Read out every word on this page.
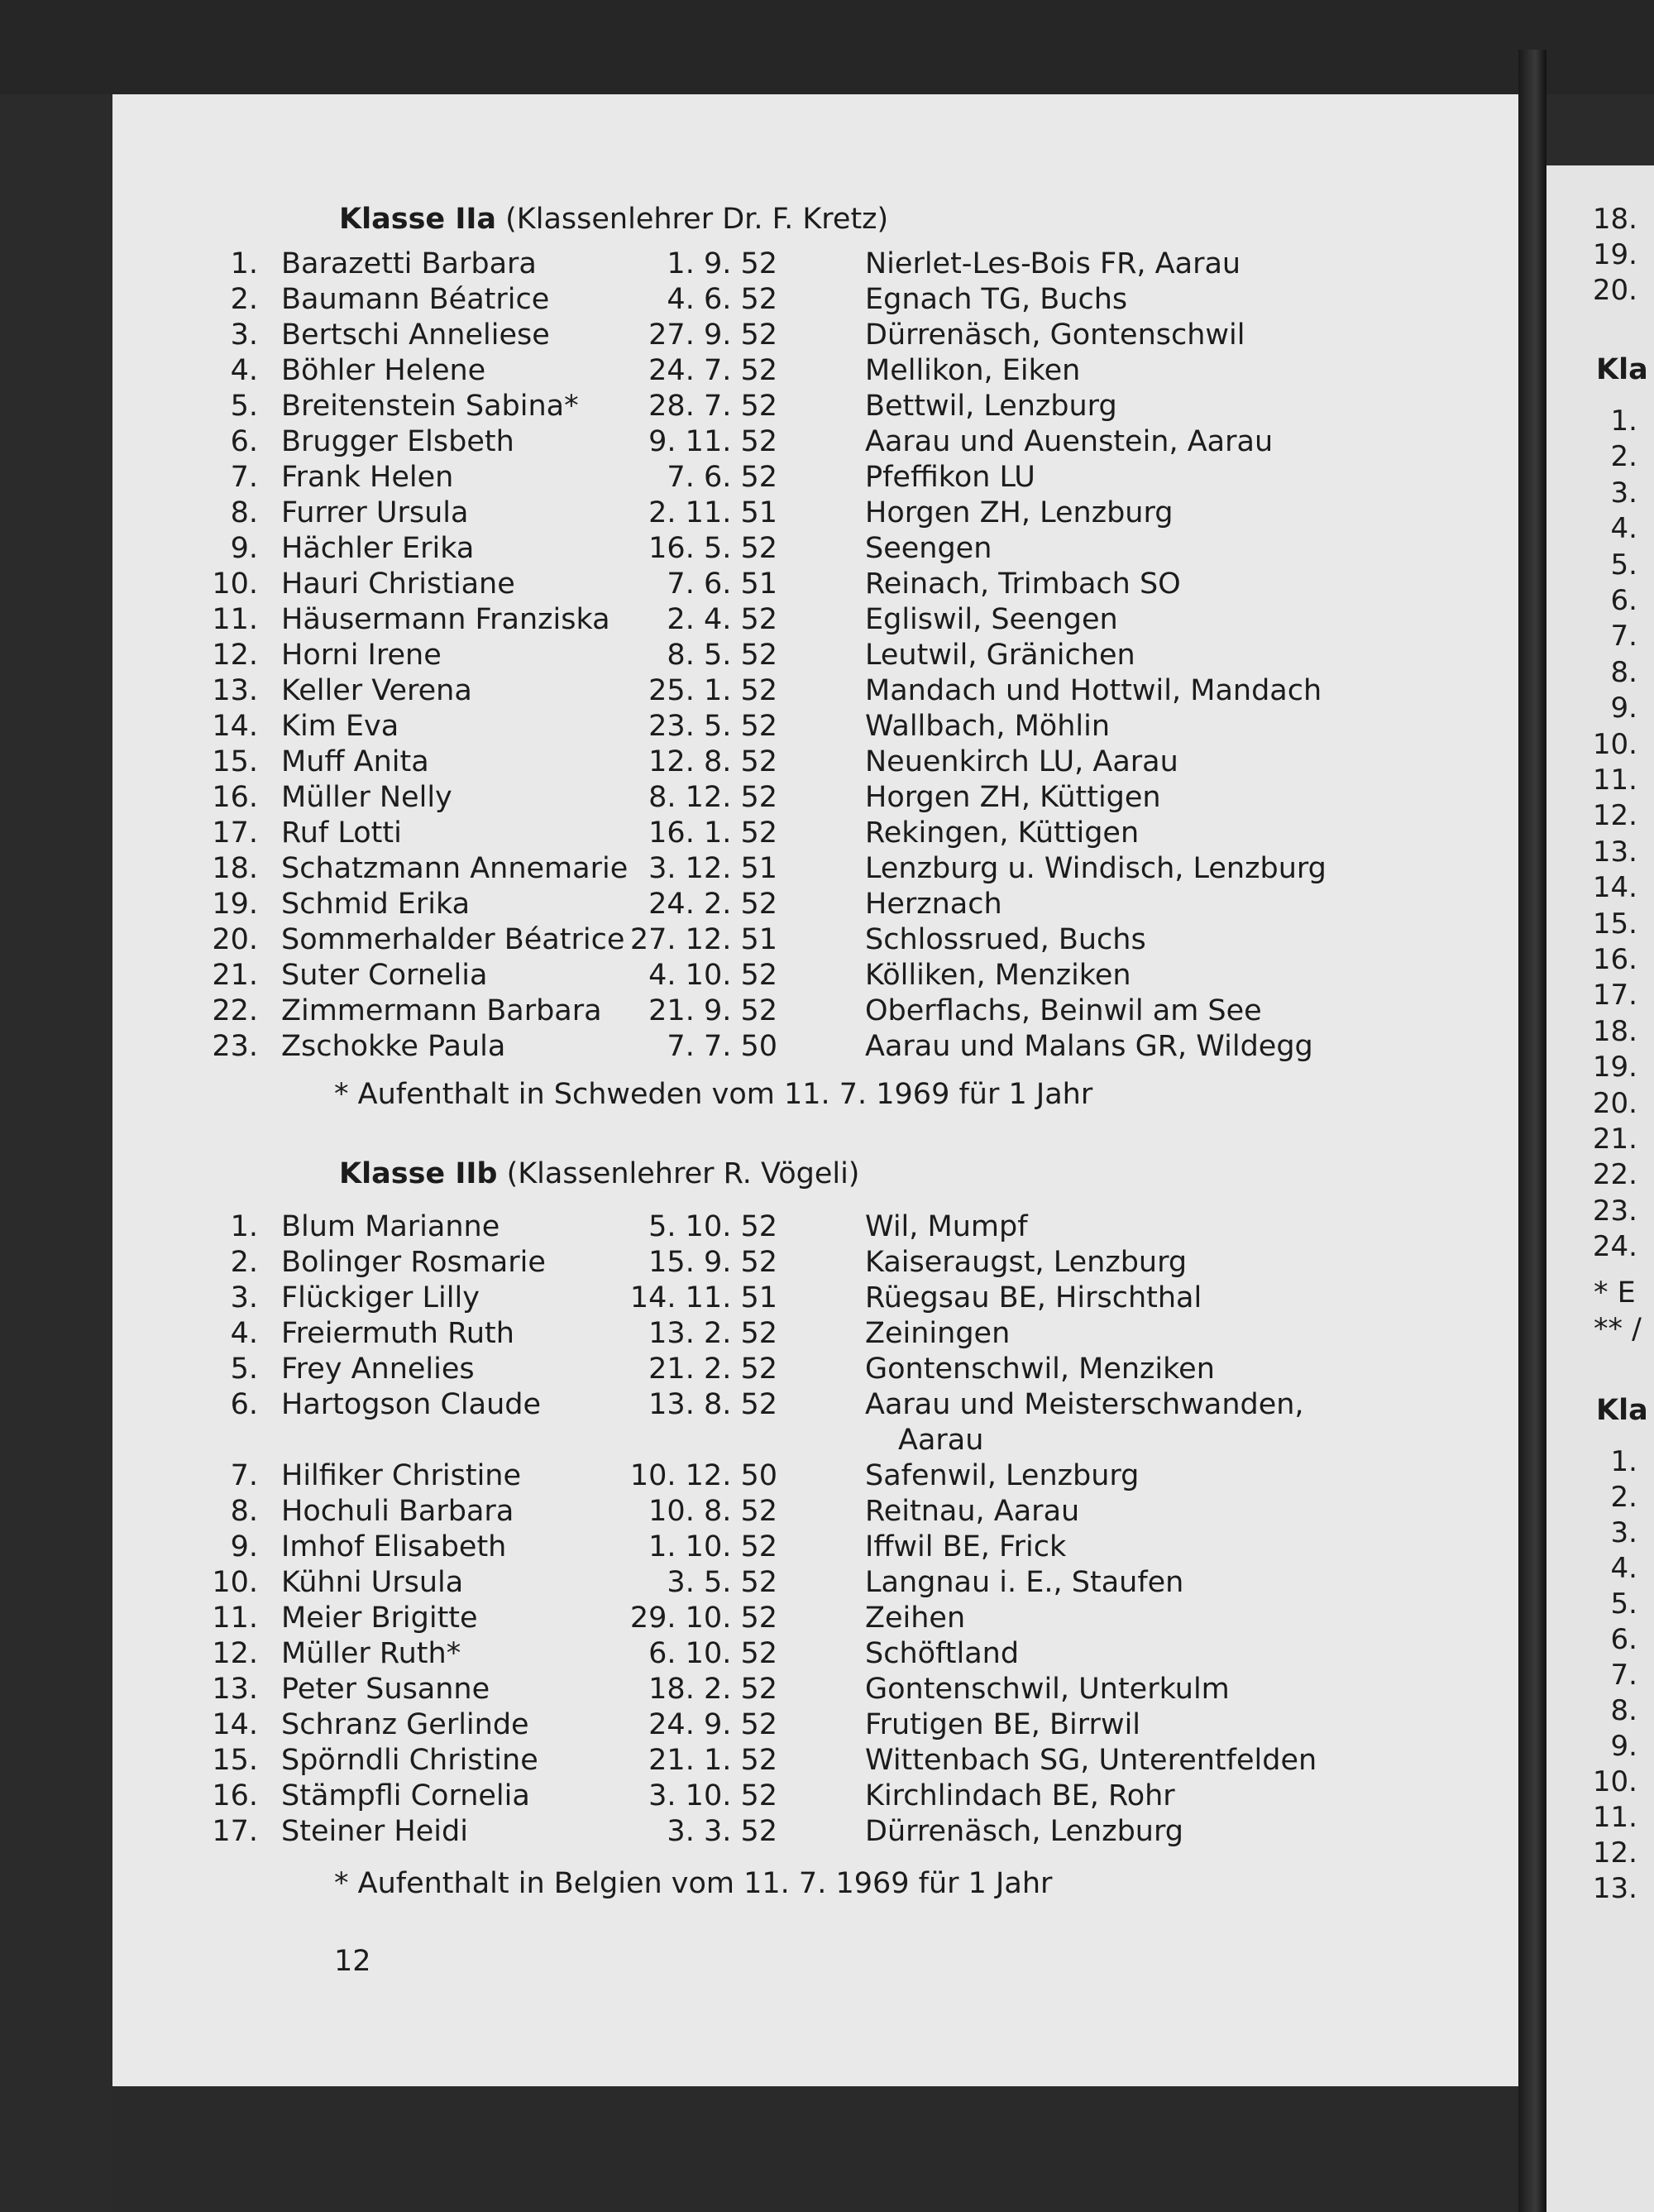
Klasse IIa (Klassenlehrer Dr. F. Kretz)
1. Barazetti Barbara	1. 9. 52	Nierlet-Les-Bois FR, Aarau
2. Baumann Béatrice	4. 6. 52	Egnach TG, Buchs
3. Bertschi Anneliese	27. 9. 52	Dürrenäsch, Gontenschwil
4. Böhler Helene	24. 7. 52	Mellikon, Eiken
5. Breitenstein Sabina*	28. 7. 52	Bettwil, Lenzburg
6. Brugger Elsbeth	9. 11. 52	Aarau und Auenstein, Aarau
7. Frank Helen	7. 6. 52	Pfeffikon LU
8. Furrer Ursula	2. 11. 51	Horgen ZH, Lenzburg
9. Hächler Erika	16. 5. 52	Seengen
10. Hauri Christiane	7. 6. 51	Reinach, Trimbach SO
11. Häusermann Franziska	2. 4. 52	Egliswil, Seengen
12. Horni Irene	8. 5. 52	Leutwil, Gränichen
13. Keller Verena	25. 1. 52	Mandach und Hottwil, Mandach
14. Kim Eva	23. 5. 52	Wallbach, Möhlin
15. Muff Anita	12. 8. 52	Neuenkirch LU, Aarau
16. Müller Nelly	8. 12. 52	Horgen ZH, Küttigen
17. Ruf Lotti	16. 1. 52	Rekingen, Küttigen
18. Schatzmann Annemarie 3. 12. 51	Lenzburg u. Windisch, Lenzburg
19. Schmid Erika	24. 2. 52	Herznach
20. Sommerhalder Béatrice 27. 12. 51	Schlossrued, Buchs
21. Suter Cornelia	4. 10. 52	Kölliken, Menziken
22. Zimmermann Barbara	21. 9. 52	Oberflachs, Beinwil am See
23. Zschokke Paula	7. 7. 50	Aarau und Malans GR, Wildegg
* Aufenthalt in Schweden vom 11. 7. 1969 für 1 Jahr
Klasse IIb (Klassenlehrer R. Vögeli)
1. Blum Marianne	5. 10. 52	Wil, Mumpf
2. Bolinger Rosmarie	15. 9. 52	Kaiseraugst, Lenzburg
3. Flückiger Lilly	14. 11. 51	Rüegsau BE, Hirschthal
4. Freiermuth Ruth	13. 2. 52	Zeiningen
5. Frey Annelies	21. 2. 52	Gontenschwil, Menziken
6. Hartogson Claude	13. 8. 52	Aarau und Meisterschwanden,
Aarau
7. Hilfiker Christine	10. 12. 50	Safenwil, Lenzburg
8. Hochuli Barbara	10. 8. 52	Reitnau, Aarau
9. Imhof Elisabeth	1. 10. 52	Iffwil BE, Frick
10. Kühni Ursula	3. 5. 52	Langnau i. E., Staufen
11. Meier Brigitte	29. 10. 52	Zeihen
12. Müller Ruth*	6. 10. 52	Schöftland
13. Peter Susanne	18. 2. 52	Gontenschwil, Unterkulm
14. Schranz Gerlinde	24. 9. 52	Frutigen BE, Birrwil
15. Spörndli Christine	21. 1. 52	Wittenbach SG, Unterentfelden
16. Stämpfli Cornelia	3. 10. 52	Kirchlindach BE, Rohr
17. Steiner Heidi	3. 3. 52	Dürrenäsch, Lenzburg
* Aufenthalt in Belgien vom 11. 7. 1969 für 1 Jahr
12
18.
19.
20.
Kla
1.
2.
3.
4.
5.
6.
7.
8.
9.
10.
11.
12.
13.
14.
15.
16.
17.
18.
19.
20.
21.
22.
23.
24.
* E
** /
Kla
1.
2.
3.
4.
5.
6.
7.
8.
9.
10.
11.
12.
13.
